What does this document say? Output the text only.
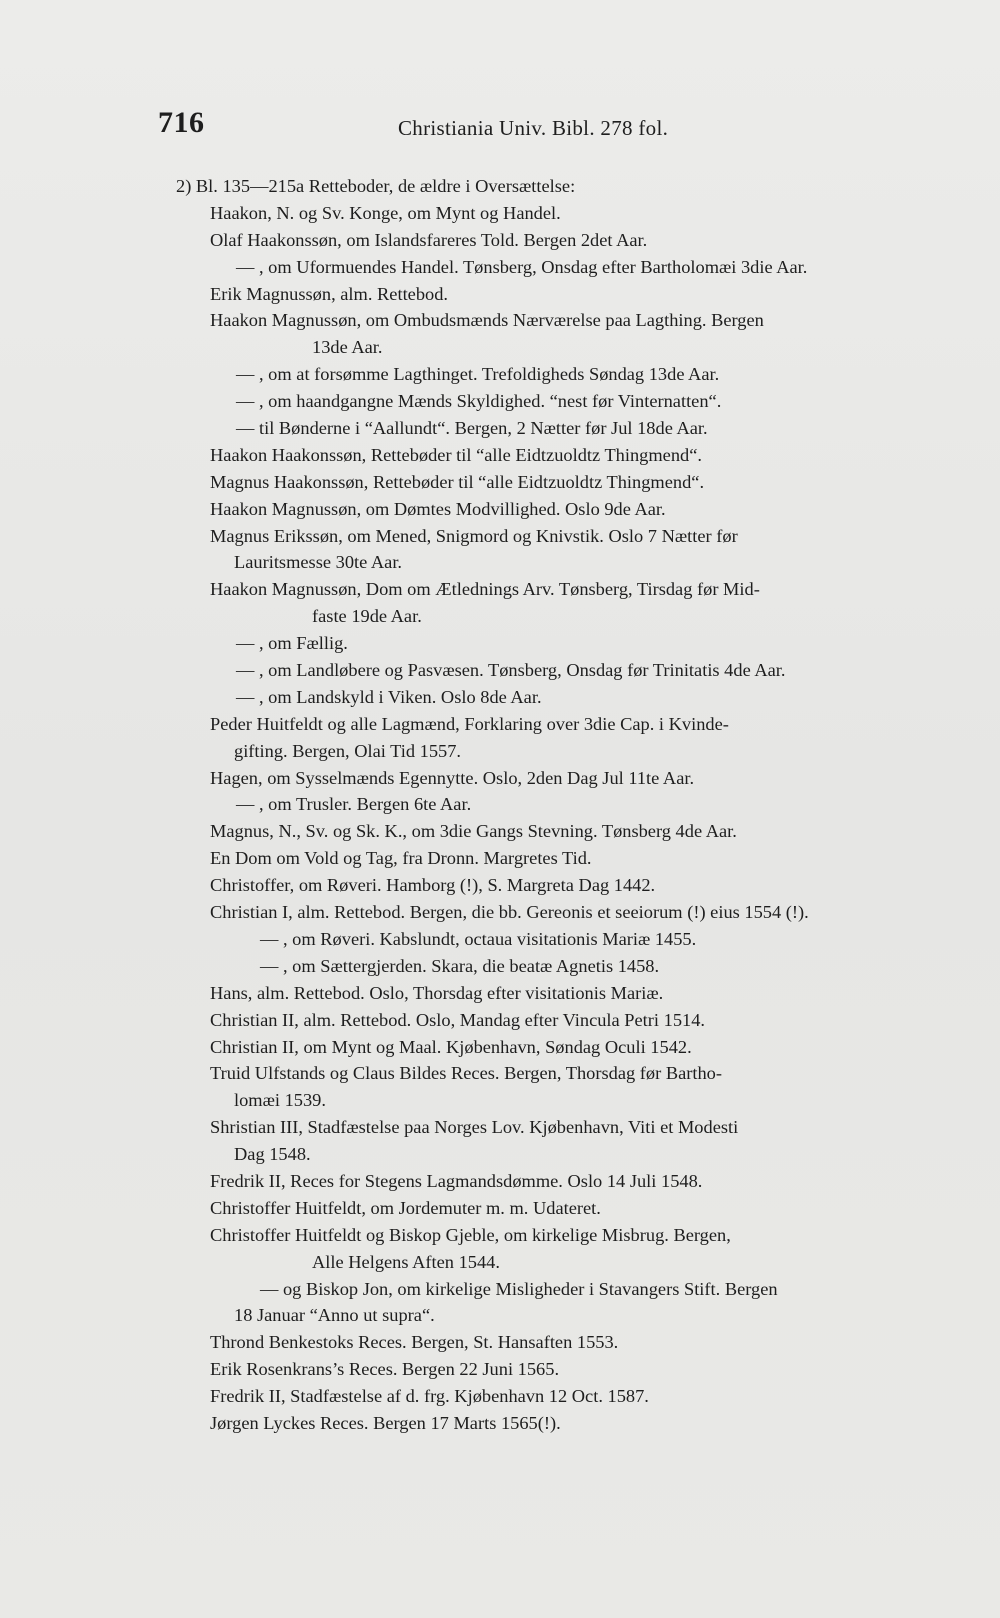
716	Christiania Univ. Bibl. 278 fol.
2) Bl. 135—215a Retteboder, de ældre i Oversættelse:
Haakon, N. og Sv. Konge, om Mynt og Handel.
Olaf Haakonssøn, om Islandsfareres Told. Bergen 2det Aar.
— , om Uformuendes Handel. Tønsberg, Onsdag efter Bartholomæi 3die Aar.
Erik Magnussøn, alm. Rettebod.
Haakon Magnussøn, om Ombudsmænds Nærværelse paa Lagthing. Bergen
13de Aar.
— , om at forsømme Lagthinget. Trefoldigheds Søndag 13de Aar.
— , om haandgangne Mænds Skyldighed. “nest før Vinternatten“.
— til Bønderne i “Aallundt“. Bergen, 2 Nætter før Jul 18de Aar.
Haakon Haakonssøn, Rettebøder til “alle Eidtzuoldtz Thingmend“.
Magnus Haakonssøn, Rettebøder til “alle Eidtzuoldtz Thingmend“.
Haakon Magnussøn, om Dømtes Modvillighed. Oslo 9de Aar.
Magnus Erikssøn, om Mened, Snigmord og Knivstik. Oslo 7 Nætter før
Lauritsmesse 30te Aar.
Haakon Magnussøn, Dom om Ætlednings Arv. Tønsberg, Tirsdag før Mid-
faste 19de Aar.
— , om Fællig.
— , om Landløbere og Pasvæsen. Tønsberg, Onsdag før Trinitatis 4de Aar.
— , om Landskyld i Viken. Oslo 8de Aar.
Peder Huitfeldt og alle Lagmænd, Forklaring over 3die Cap. i Kvinde-
gifting. Bergen, Olai Tid 1557.
Hagen, om Sysselmænds Egennytte. Oslo, 2den Dag Jul 11te Aar.
— , om Trusler. Bergen 6te Aar.
Magnus, N., Sv. og Sk. K., om 3die Gangs Stevning. Tønsberg 4de Aar.
En Dom om Vold og Tag, fra Dronn. Margretes Tid.
Christoffer, om Røveri. Hamborg (!), S. Margreta Dag 1442.
Christian I, alm. Rettebod. Bergen, die bb. Gereonis et seeiorum (!) eius 1554 (!).
— , om Røveri. Kabslundt, octaua visitationis Mariæ 1455.
— , om Sættergjerden. Skara, die beatæ Agnetis 1458.
Hans, alm. Rettebod. Oslo, Thorsdag efter visitationis Mariæ.
Christian II, alm. Rettebod. Oslo, Mandag efter Vincula Petri 1514.
Christian II, om Mynt og Maal. Kjøbenhavn, Søndag Oculi 1542.
Truid Ulfstands og Claus Bildes Reces. Bergen, Thorsdag før Bartho-
lomæi 1539.
Shristian III, Stadfæstelse paa Norges Lov. Kjøbenhavn, Viti et Modesti
Dag 1548.
Fredrik II, Reces for Stegens Lagmandsdømme. Oslo 14 Juli 1548.
Christoffer Huitfeldt, om Jordemuter m. m. Udateret.
Christoffer Huitfeldt og Biskop Gjeble, om kirkelige Misbrug. Bergen,
Alle Helgens Aften 1544.
— og Biskop Jon, om kirkelige Misligheder i Stavangers Stift. Bergen
18 Januar “Anno ut supra“.
Thrond Benkestoks Reces. Bergen, St. Hansaften 1553.
Erik Rosenkrans’s Reces. Bergen 22 Juni 1565.
Fredrik II, Stadfæstelse af d. frg. Kjøbenhavn 12 Oct. 1587.
Jørgen Lyckes Reces. Bergen 17 Marts 1565(!).
